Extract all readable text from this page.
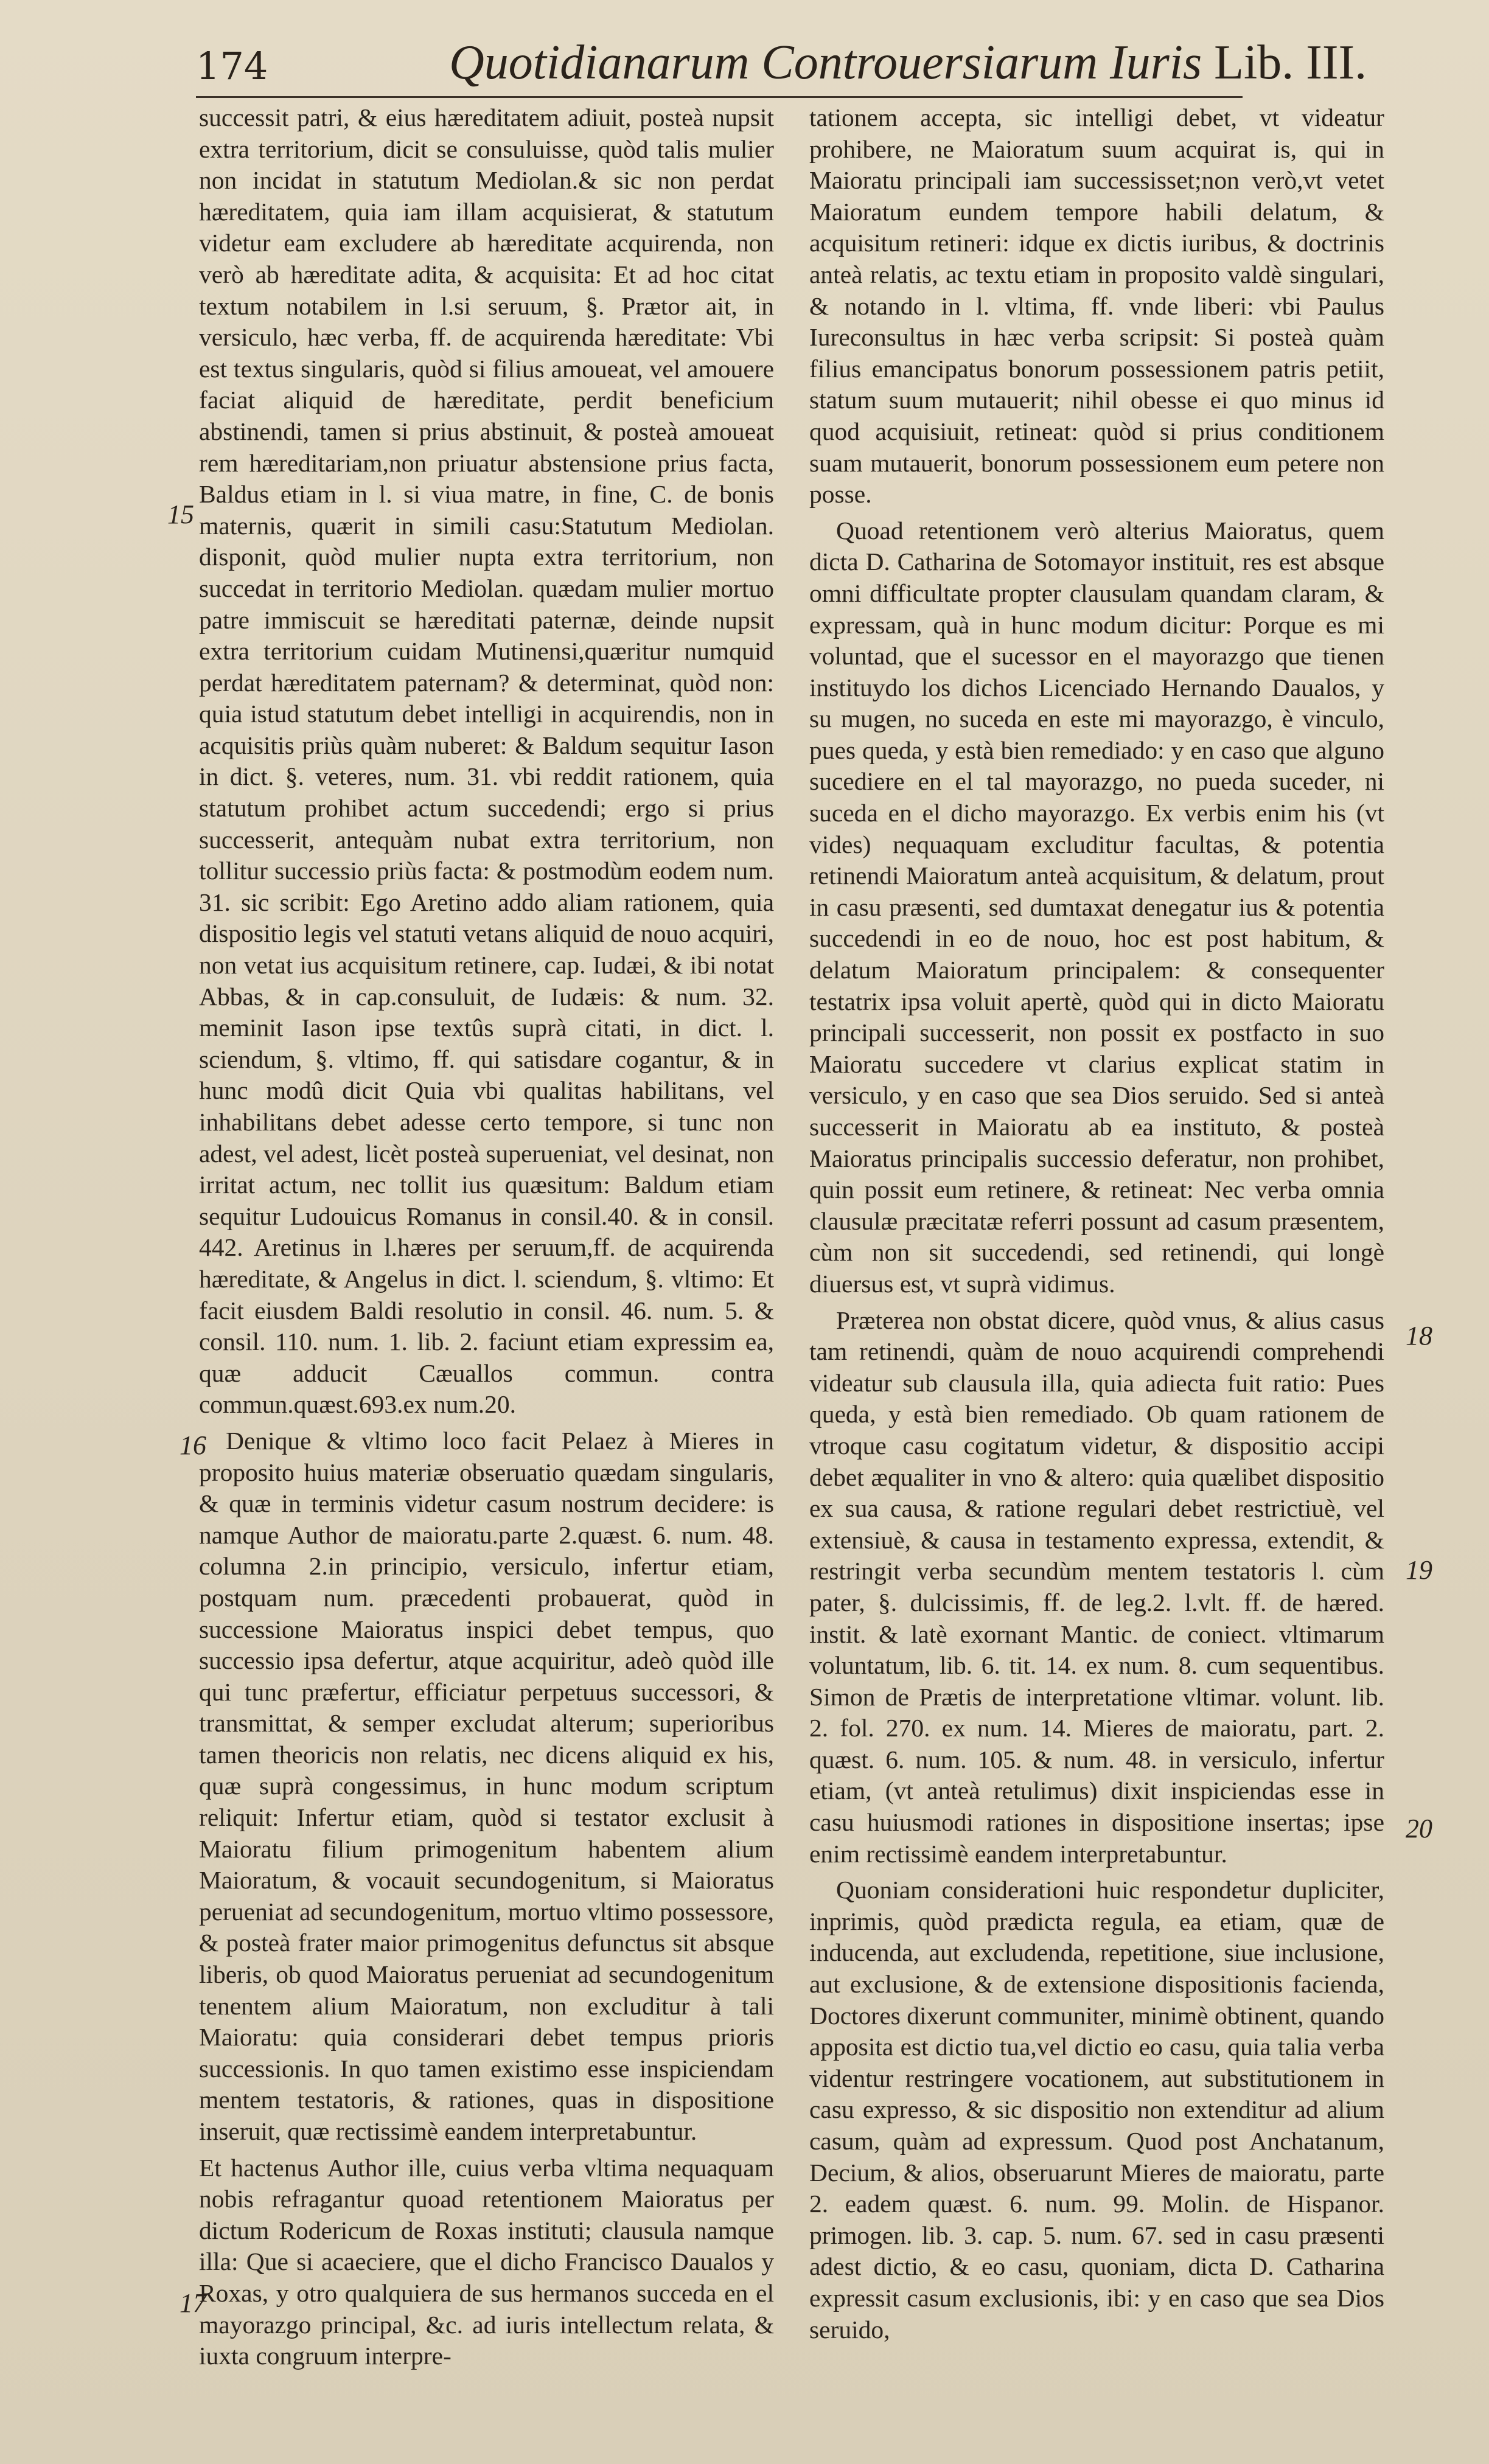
174	Quotidianarum Controuersiarum Iuris Lib. III.

successit patri, & eius hæreditatem adiuit, posteà nupsit extra territorium, dicit se consuluisse, quòd talis mulier non incidat in statutum Mediolan.& sic non perdat hæreditatem, quia iam illam acquisierat, & statutum videtur eam excludere ab hæreditate acquirenda, non verò ab hæreditate adita, & acquisita: Et ad hoc citat textum notabilem in l.si seruum, §. Prætor ait, in versiculo, hæc verba, ff. de acquirenda hæreditate: Vbi est textus singularis, quòd si filius amoueat, vel amouere faciat aliquid de hæreditate, perdit beneficium abstinendi, tamen si prius abstinuit, & posteà amoueat rem hæreditariam,non priuatur abstensione prius facta, Baldus etiam in l. si viua matre, in fine, C. de bonis maternis, quærit in simili casu:Statutum Mediolan. disponit, quòd mulier nupta extra territorium, non succedat in territorio Mediolan. quædam mulier mortuo patre immiscuit se hæreditati paternæ, deinde nupsit extra territorium cuidam Mutinensi,quæritur numquid perdat hæreditatem paternam? & determinat, quòd non: quia istud statutum debet intelligi in acquirendis, non in acquisitis priùs quàm nuberet: & Baldum sequitur Iason in dict. §. veteres, num. 31. vbi reddit rationem, quia statutum prohibet actum succedendi; ergo si prius successerit, antequàm nubat extra territorium, non tollitur successio priùs facta: & postmodùm eodem num. 31. sic scribit: Ego Aretino addo aliam rationem, quia dispositio legis vel statuti vetans aliquid de nouo acquiri, non vetat ius acquisitum retinere, cap. Iudæi, & ibi notat Abbas, & in cap.consuluit, de Iudæis: & num. 32. meminit Iason ipse textûs suprà citati, in dict. l. sciendum, §. vltimo, ff. qui satisdare cogantur, & in hunc modû dicit Quia vbi qualitas habilitans, vel inhabilitans debet adesse certo tempore, si tunc non adest, vel adest, licèt posteà superueniat, vel desinat, non irritat actum, nec tollit ius quæsitum: Baldum etiam sequitur Ludouicus Romanus in consil.40. & in consil. 442. Aretinus in l.hæres per seruum,ff. de acquirenda hæreditate, & Angelus in dict. l. sciendum, §. vltimo: Et facit eiusdem Baldi resolutio in consil. 46. num. 5. & consil. 110. num. 1. lib. 2. faciunt etiam expressim ea, quæ adducit Cæuallos commun. contra commun.quæst.693.ex num.20.

Denique & vltimo loco facit Pelaez à Mieres in proposito huius materiæ obseruatio quædam singularis, & quæ in terminis videtur casum nostrum decidere: is namque Author de maioratu.parte 2.quæst. 6. num. 48. columna 2.in principio, versiculo, infertur etiam, postquam num. præcedenti probauerat, quòd in successione Maioratus inspici debet tempus, quo successio ipsa defertur, atque acquiritur, adeò quòd ille qui tunc præfertur, efficiatur perpetuus successori, & transmittat, & semper excludat alterum; superioribus tamen theoricis non relatis, nec dicens aliquid ex his, quæ suprà congessimus, in hunc modum scriptum reliquit: Infertur etiam, quòd si testator exclusit à Maioratu filium primogenitum habentem alium Maioratum, & vocauit secundogenitum, si Maioratus perueniat ad secundogenitum, mortuo vltimo possessore, & posteà frater maior primogenitus defunctus sit absque liberis, ob quod Maioratus perueniat ad secundogenitum tenentem alium Maioratum, non excluditur à tali Maioratu: quia considerari debet tempus prioris successionis. In quo tamen existimo esse inspiciendam mentem testatoris, & rationes, quas in dispositione inseruit, quæ rectissimè eandem interpretabuntur.

Et hactenus Author ille, cuius verba vltima nequaquam nobis refragantur quoad retentionem Maioratus per dictum Rodericum de Roxas instituti; clausula namque illa: Que si acaeciere, que el dicho Francisco Daualos y Roxas, y otro qualquiera de sus hermanos succeda en el mayorazgo principal, &c. ad iuris intellectum relata, & iuxta congruum interpre-

tationem accepta, sic intelligi debet, vt videatur prohibere, ne Maioratum suum acquirat is, qui in Maioratu principali iam successisset;non verò,vt vetet Maioratum eundem tempore habili delatum, & acquisitum retineri: idque ex dictis iuribus, & doctrinis anteà relatis, ac textu etiam in proposito valdè singulari, & notando in l. vltima, ff. vnde liberi: vbi Paulus Iureconsultus in hæc verba scripsit: Si posteà quàm filius emancipatus bonorum possessionem patris petiit, statum suum mutauerit; nihil obesse ei quo minus id quod acquisiuit, retineat: quòd si prius conditionem suam mutauerit, bonorum possessionem eum petere non posse.

Quoad retentionem verò alterius Maioratus, quem dicta D. Catharina de Sotomayor instituit, res est absque omni difficultate propter clausulam quandam claram, & expressam, quà in hunc modum dicitur: Porque es mi voluntad, que el sucessor en el mayorazgo que tienen instituydo los dichos Licenciado Hernando Daualos, y su mugen, no suceda en este mi mayorazgo, è vinculo, pues queda, y està bien remediado: y en caso que alguno sucediere en el tal mayorazgo, no pueda suceder, ni suceda en el dicho mayorazgo. Ex verbis enim his (vt vides) nequaquam excluditur facultas, & potentia retinendi Maioratum anteà acquisitum, & delatum, prout in casu præsenti, sed dumtaxat denegatur ius & potentia succedendi in eo de nouo, hoc est post habitum, & delatum Maioratum principalem: & consequenter testatrix ipsa voluit apertè, quòd qui in dicto Maioratu principali successerit, non possit ex postfacto in suo Maioratu succedere vt clarius explicat statim in versiculo, y en caso que sea Dios seruido. Sed si anteà successerit in Maioratu ab ea instituto, & posteà Maioratus principalis successio deferatur, non prohibet, quin possit eum retinere, & retineat: Nec verba omnia clausulæ præcitatæ referri possunt ad casum præsentem, cùm non sit succedendi, sed retinendi, qui longè diuersus est, vt suprà vidimus.

Præterea non obstat dicere, quòd vnus, & alius casus tam retinendi, quàm de nouo acquirendi comprehendi videatur sub clausula illa, quia adiecta fuit ratio: Pues queda, y està bien remediado. Ob quam rationem de vtroque casu cogitatum videtur, & dispositio accipi debet æqualiter in vno & altero: quia quælibet dispositio ex sua causa, & ratione regulari debet restrictiuè, vel extensiuè, & causa in testamento expressa, extendit, & restringit verba secundùm mentem testatoris l. cùm pater, §. dulcissimis, ff. de leg.2. l.vlt. ff. de hæred. instit. & latè exornant Mantic. de coniect. vltimarum voluntatum, lib. 6. tit. 14. ex num. 8. cum sequentibus. Simon de Prætis de interpretatione vltimar. volunt. lib. 2. fol. 270. ex num. 14. Mieres de maioratu, part. 2. quæst. 6. num. 105. & num. 48. in versiculo, infertur etiam, (vt anteà retulimus) dixit inspiciendas esse in casu huiusmodi rationes in dispositione insertas; ipse enim rectissimè eandem interpretabuntur.

Quoniam considerationi huic respondetur dupliciter, inprimis, quòd prædicta regula, ea etiam, quæ de inducenda, aut excludenda, repetitione, siue inclusione, aut exclusione, & de extensione dispositionis facienda, Doctores dixerunt communiter, minimè obtinent, quando apposita est dictio tua,vel dictio eo casu, quia talia verba videntur restringere vocationem, aut substitutionem in casu expresso, & sic dispositio non extenditur ad alium casum, quàm ad expressum. Quod post Anchatanum, Decium, & alios, obseruarunt Mieres de maioratu, parte 2. eadem quæst. 6. num. 99. Molin. de Hispanor. primogen. lib. 3. cap. 5. num. 67. sed in casu præsenti adest dictio, & eo casu, quoniam, dicta D. Catharina expressit casum exclusionis, ibi: y en caso que sea Dios seruido,

15
16
17
18
19
20
